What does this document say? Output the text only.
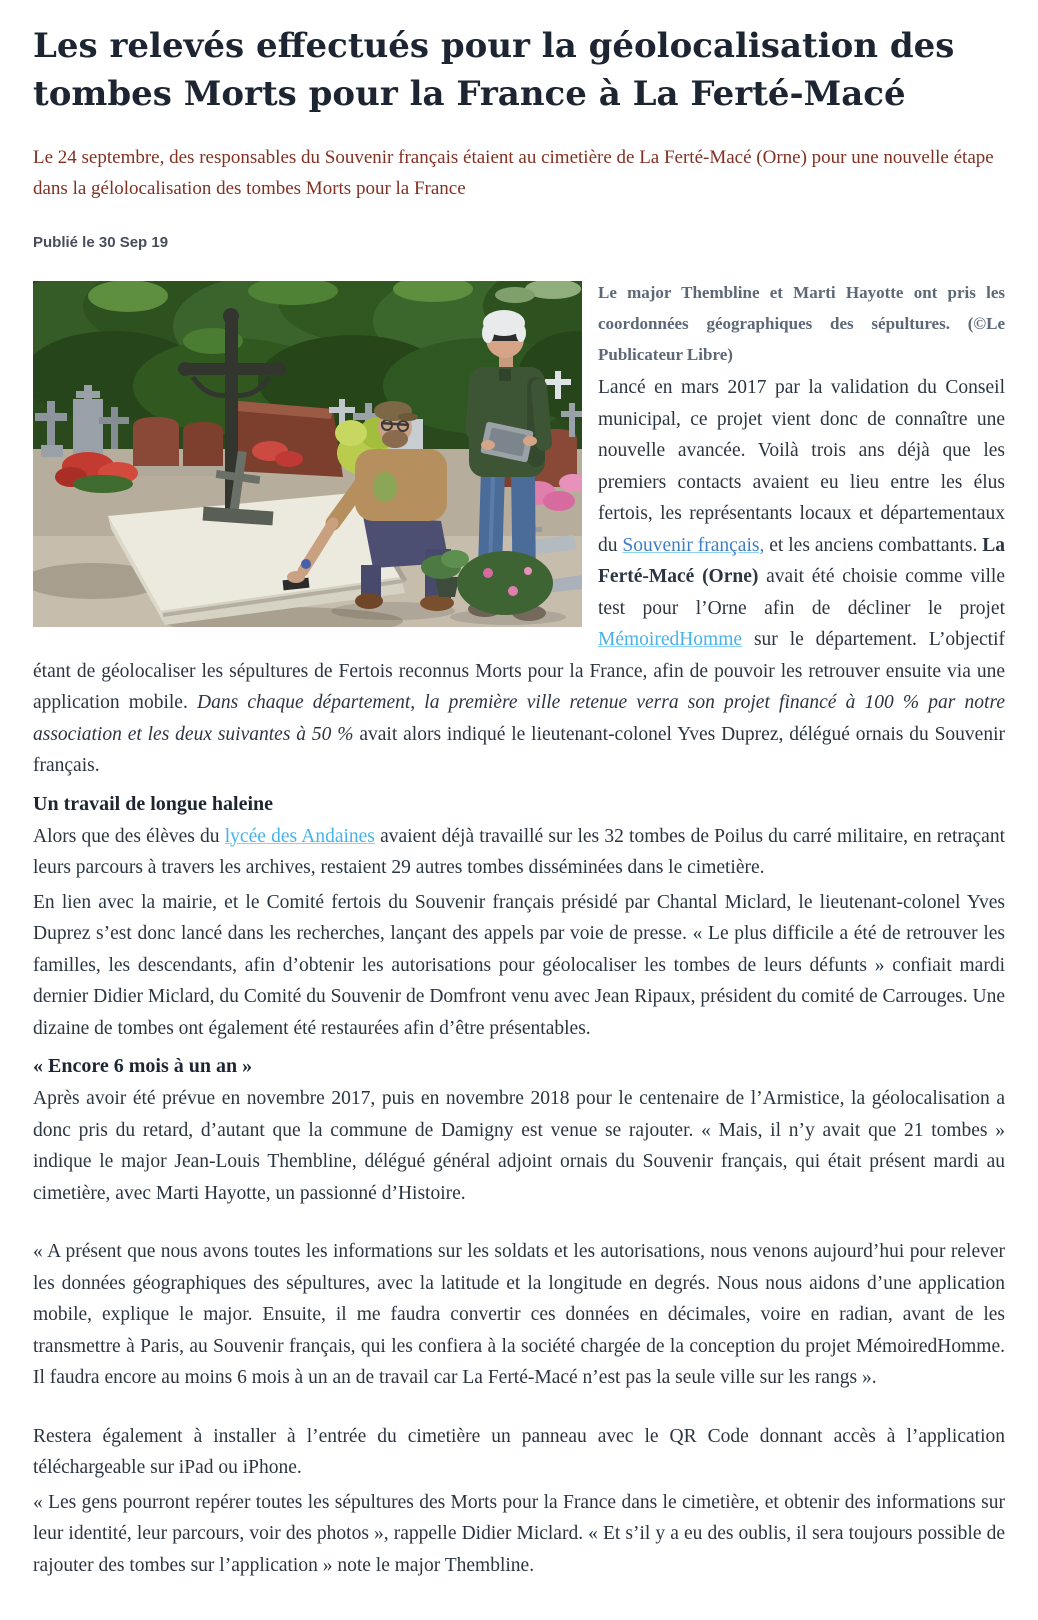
Les relevés effectués pour la géolocalisation des tombes Morts pour la France à La Ferté-Macé

Le 24 septembre, des responsables du Souvenir français étaient au cimetière de La Ferté-Macé (Orne) pour une nouvelle étape dans la gélolocalisation des tombes Morts pour la France

Publié le 30 Sep 19

Le major Thembline et Marti Hayotte ont pris les coordonnées géographiques des sépultures. (©Le Publicateur Libre)

Lancé en mars 2017 par la validation du Conseil municipal, ce projet vient donc de connaître une nouvelle avancée. Voilà trois ans déjà que les premiers contacts avaient eu lieu entre les élus fertois, les représentants locaux et départementaux du Souvenir français, et les anciens combattants. La Ferté-Macé (Orne) avait été choisie comme ville test pour l’Orne afin de décliner le projet MémoiredHomme sur le département. L’objectif étant de géolocaliser les sépultures de Fertois reconnus Morts pour la France, afin de pouvoir les retrouver ensuite via une application mobile. Dans chaque département, la première ville retenue verra son projet financé à 100 % par notre association et les deux suivantes à 50 % avait alors indiqué le lieutenant-colonel Yves Duprez, délégué ornais du Souvenir français.

Un travail de longue haleine

Alors que des élèves du lycée des Andaines avaient déjà travaillé sur les 32 tombes de Poilus du carré militaire, en retraçant leurs parcours à travers les archives, restaient 29 autres tombes disséminées dans le cimetière.

En lien avec la mairie, et le Comité fertois du Souvenir français présidé par Chantal Miclard, le lieutenant-colonel Yves Duprez s’est donc lancé dans les recherches, lançant des appels par voie de presse. « Le plus difficile a été de retrouver les familles, les descendants, afin d’obtenir les autorisations pour géolocaliser les tombes de leurs défunts » confiait mardi dernier Didier Miclard, du Comité du Souvenir de Domfront venu avec Jean Ripaux, président du comité de Carrouges. Une dizaine de tombes ont également été restaurées afin d’être présentables.

« Encore 6 mois à un an »

Après avoir été prévue en novembre 2017, puis en novembre 2018 pour le centenaire de l’Armistice, la géolocalisation a donc pris du retard, d’autant que la commune de Damigny est venue se rajouter. « Mais, il n’y avait que 21 tombes » indique le major Jean-Louis Thembline, délégué général adjoint ornais du Souvenir français, qui était présent mardi au cimetière, avec Marti Hayotte, un passionné d’Histoire.

« A présent que nous avons toutes les informations sur les soldats et les autorisations, nous venons aujourd’hui pour relever les données géographiques des sépultures, avec la latitude et la longitude en degrés. Nous nous aidons d’une application mobile, explique le major. Ensuite, il me faudra convertir ces données en décimales, voire en radian, avant de les transmettre à Paris, au Souvenir français, qui les confiera à la société chargée de la conception du projet MémoiredHomme. Il faudra encore au moins 6 mois à un an de travail car La Ferté-Macé n’est pas la seule ville sur les rangs ».

Restera également à installer à l’entrée du cimetière un panneau avec le QR Code donnant accès à l’application téléchargeable sur iPad ou iPhone.

« Les gens pourront repérer toutes les sépultures des Morts pour la France dans le cimetière, et obtenir des informations sur leur identité, leur parcours, voir des photos », rappelle Didier Miclard. « Et s’il y a eu des oublis, il sera toujours possible de rajouter des tombes sur l’application » note le major Thembline.
